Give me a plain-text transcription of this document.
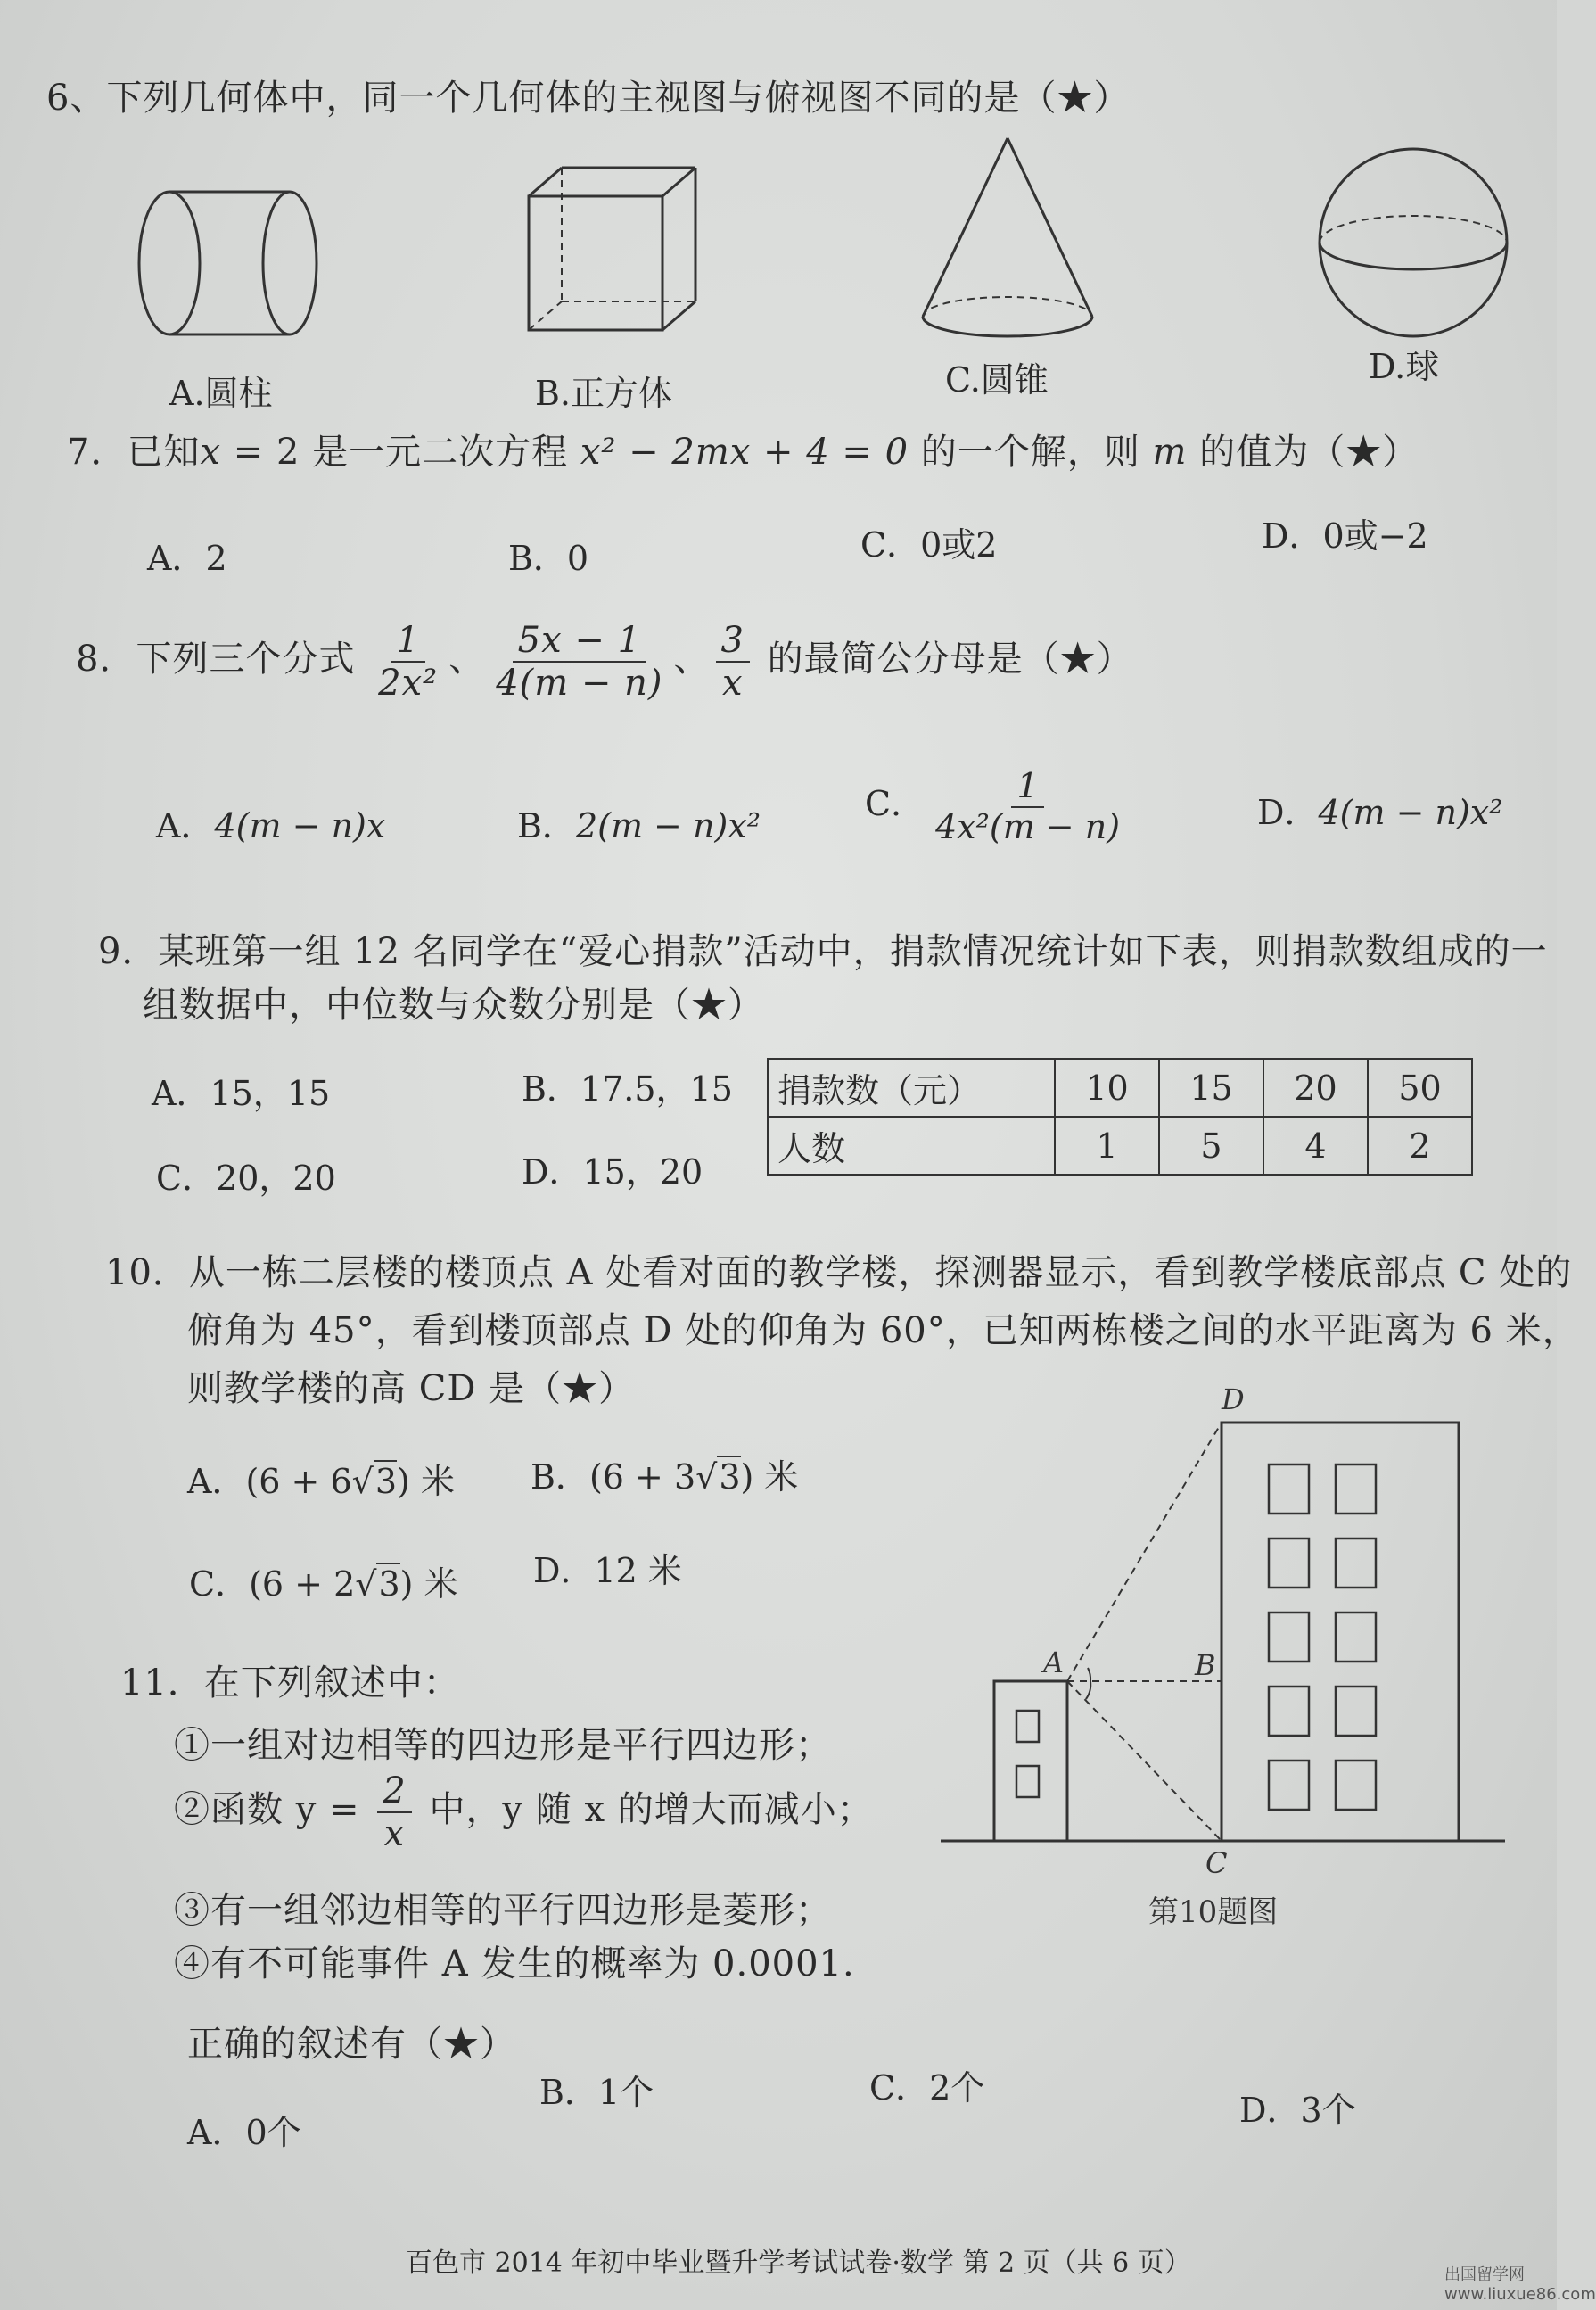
6、下列几何体中，同一个几何体的主视图与俯视图不同的是（★）
A.圆柱	B.正方体	C.圆锥	D.球
7．已知x = 2 是一元二次方程 x² − 2mx + 4 = 0 的一个解，则 m 的值为（★）
A．2	B．0	C．0或2	D．0或−2
8．下列三个分式 $\frac{1}{\text{2x²}}$ 、 $\frac{5x - 1}{4(m - n)}$ 、 $\frac{3}{x}$ 的最简公分母是（★）
A．4(m − n)x	B．2(m − n)x²
C． $\frac{1}{\text{4x²(m − n)}}$	D．4(m − n)x²
9．某班第一组 12 名同学在“爱心捐款”活动中，捐款情况统计如下表，则捐款数组成的一
组数据中，中位数与众数分别是（★）
A．15，15	B．17.5，15
C．20，20	D．15，20
捐款数（元）	10	15	20	50
人数	1	5	4	2
10．从一栋二层楼的楼顶点 A 处看对面的教学楼，探测器显示，看到教学楼底部点 C 处的
俯角为 45°，看到楼顶部点 D 处的仰角为 60°，已知两栋楼之间的水平距离为 6 米，
则教学楼的高 CD 是（★）
A．(6 + 6√3) 米 B．(6 + 3√3) 米
C．(6 + 2√3) 米 D．12 米
A	B
C
D
第10题图
11．在下列叙述中：
①一组对边相等的四边形是平行四边形；
②函数 $y = \frac{2}{x}$ 中，y 随 x 的增大而减小；
③有一组邻边相等的平行四边形是菱形；
④有不可能事件 A 发生的概率为 0.0001.
正确的叙述有（★）
A．0个
B．1个	C．2个
D．3个
百色市 2014 年初中毕业暨升学考试试卷·数学 第 2 页（共 6 页）	出国留学网 www.liuxue86.com
